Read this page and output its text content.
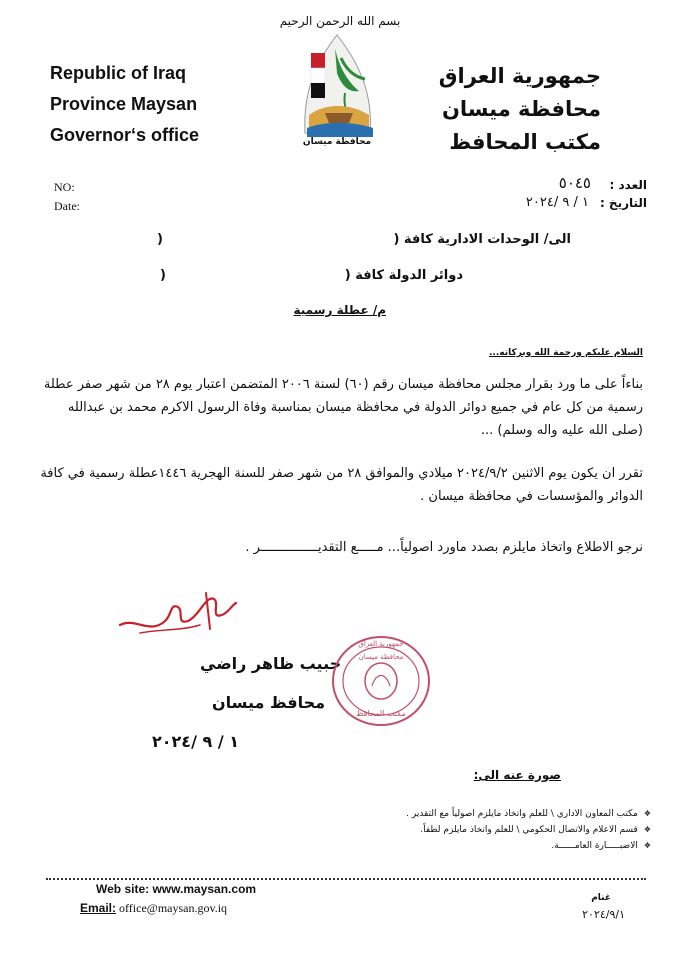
بسم الله الرحمن الرحيم
Republic of Iraq
Province Maysan
Governor‘s office
جمهورية العراق
محافظة ميسان
مكتب المحافظ
محافظة ميسان
NO:
Date:
العدد :
٥٠٤٥
التاريخ :
١ / ٩ /٢٠٢٤
الى/ الوحدات الادارية كافة (
)
دوائر الدولة كافة (
)
م/ عطلة رسمية
السلام عليكم ورحمة الله وبركاته...
بناءاً على ما ورد بقرار مجلس محافظة ميسان رقم (٦٠) لسنة ٢٠٠٦ المتضمن اعتبار يوم ٢٨ من شهر صفر عطلة رسمية من كل عام في جميع دوائر الدولة في محافظة ميسان بمناسبة وفاة الرسول الاكرم محمد بن عبدالله (صلى الله عليه واله وسلم) ...
تقرر ان يكون يوم الاثنين ٢٠٢٤/٩/٢ ميلادي والموافق ٢٨ من شهر صفر للسنة الهجرية ١٤٤٦عطلة رسمية في كافة الدوائر والمؤسسات في محافظة ميسان .
نرجو الاطلاع واتخاذ مايلزم بصدد ماورد اصولياً... مـــــع التقديـــــــــــــــر .
حبيب ظاهر راضي
محافظ ميسان
١ / ٩ /٢٠٢٤
جمهورية العراق
محافظة ميسان
مكتب المحافظ
صورة عنه الى:
❖مكتب المعاون الاداري \ للعلم واتخاذ مايلزم اصولياً مع التقدير .
❖قسم الاعلام والاتصال الحكومي \ للعلم واتخاذ مايلزم لطفاً.
❖الاضبـــــارة العامــــــة.
Web site: www.maysan.com
Email: office@maysan.gov.iq
غنام
٢٠٢٤/٩/١
